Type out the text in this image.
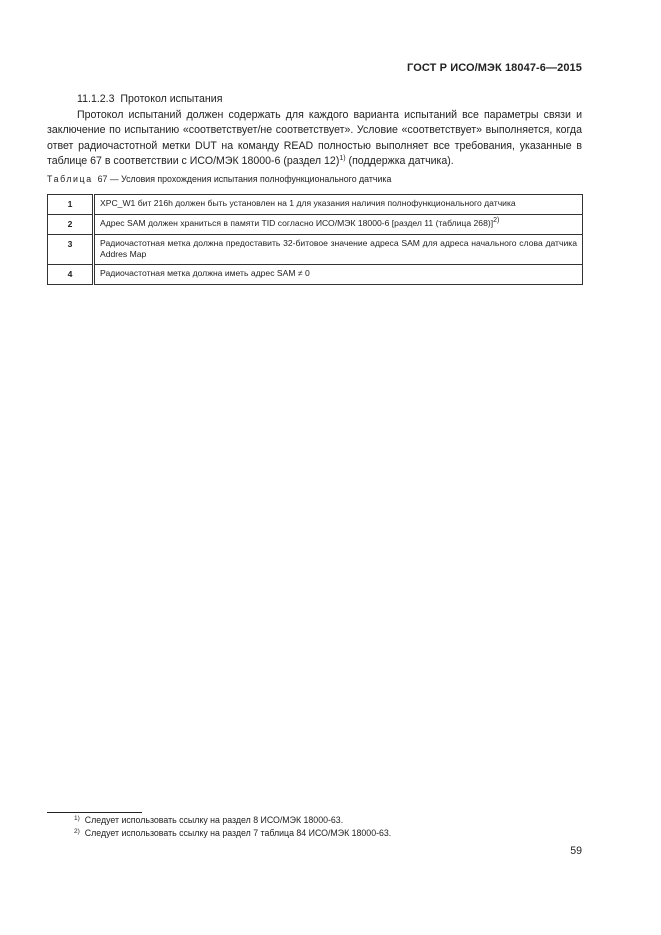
ГОСТ Р ИСО/МЭК 18047-6—2015
11.1.2.3 Протокол испытания

Протокол испытаний должен содержать для каждого варианта испытаний все параметры связи и заключение по испытанию «соответствует/не соответствует». Условие «соответствует» выполняется, когда ответ радиочастотной метки DUT на команду READ полностью выполняет все требования, указанные в таблице 67 в соответствии с ИСО/МЭК 18000-6 (раздел 12)$^{1)}$ (поддержка датчика).

Таблица 67 — Условия прохождения испытания полнофункционального датчика
1	XPC_W1 бит 216h должен быть установлен на 1 для указания наличия полнофункционального датчика
2	Адрес SAM должен храниться в памяти TID согласно ИСО/МЭК 18000-6 [раздел 11 (таблица 268)]$^{2)}$
3	Радиочастотная метка должна предоставить 32-битовое значение адреса SAM для адреса начального слова датчика Addres Map
4	Радиочастотная метка должна иметь адрес SAM ≠ 0
$^{1)}$ Следует использовать ссылку на раздел 8 ИСО/МЭК 18000-63.
$^{2)}$ Следует использовать ссылку на раздел 7 таблица 84 ИСО/МЭК 18000-63.
59
